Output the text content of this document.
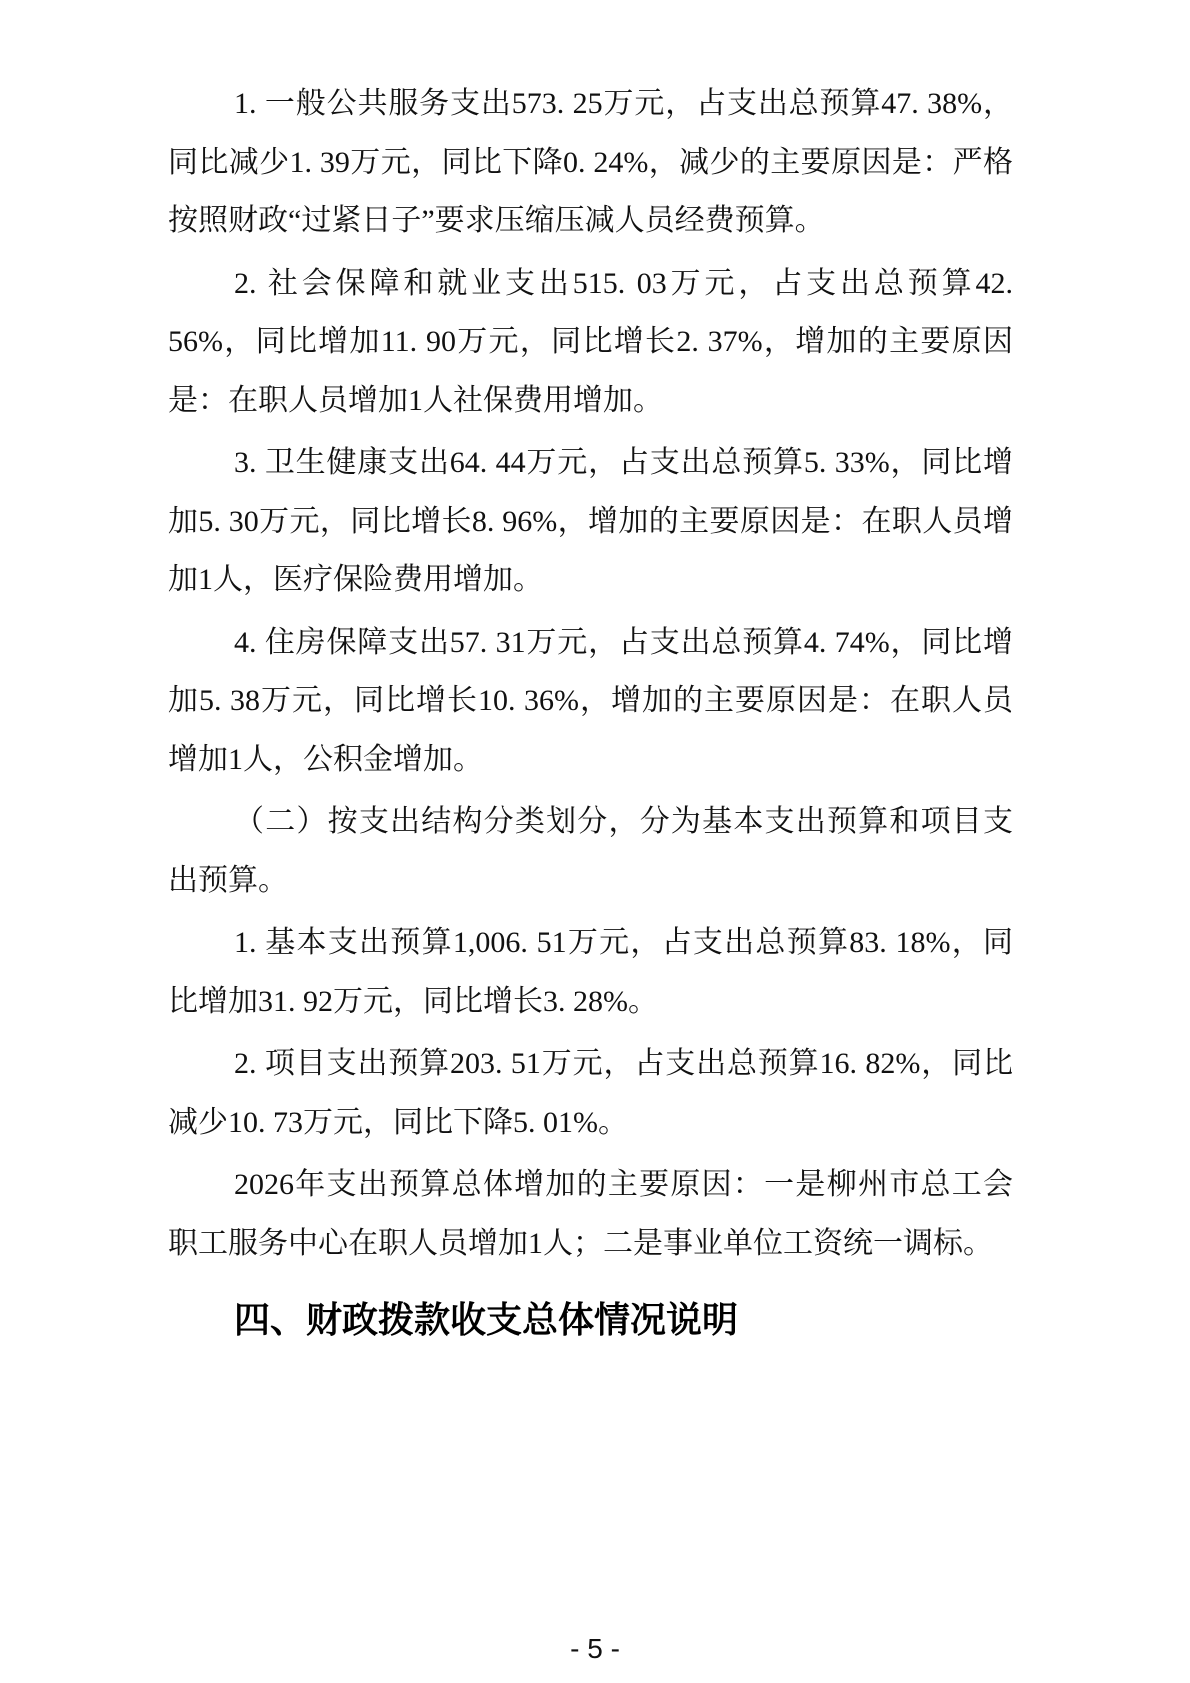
1. 一般公共服务支出573. 25万元，占支出总预算47. 38%，同比减少1. 39万元，同比下降0. 24%，减少的主要原因是：严格按照财政“过紧日子”要求压缩压减人员经费预算。

2. 社会保障和就业支出515. 03万元，占支出总预算42. 56%，同比增加11. 90万元，同比增长2. 37%，增加的主要原因是：在职人员增加1人社保费用增加。

3. 卫生健康支出64. 44万元，占支出总预算5. 33%，同比增加5. 30万元，同比增长8. 96%，增加的主要原因是：在职人员增加1人，医疗保险费用增加。

4. 住房保障支出57. 31万元，占支出总预算4. 74%，同比增加5. 38万元，同比增长10. 36%，增加的主要原因是：在职人员增加1人，公积金增加。

（二）按支出结构分类划分，分为基本支出预算和项目支出预算。

1. 基本支出预算1,006. 51万元，占支出总预算83. 18%，同比增加31. 92万元，同比增长3. 28%。

2. 项目支出预算203. 51万元，占支出总预算16. 82%，同比减少10. 73万元，同比下降5. 01%。

2026年支出预算总体增加的主要原因：一是柳州市总工会职工服务中心在职人员增加1人；二是事业单位工资统一调标。

四、财政拨款收支总体情况说明
- 5 -
